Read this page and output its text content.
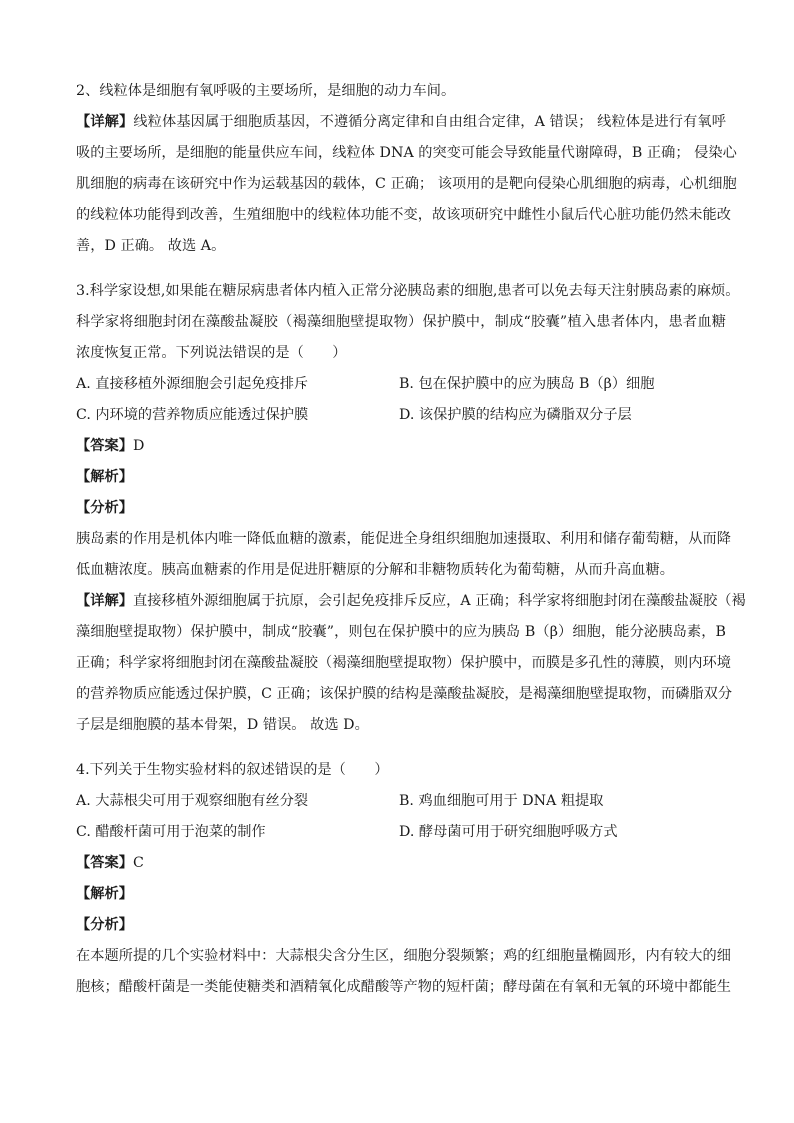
2、线粒体是细胞有氧呼吸的主要场所，是细胞的动力车间。
【详解】线粒体基因属于细胞质基因，不遵循分离定律和自由组合定律，A 错误； 线粒体是进行有氧呼
吸的主要场所，是细胞的能量供应车间，线粒体 DNA 的突变可能会导致能量代谢障碍，B 正确； 侵染心
肌细胞的病毒在该研究中作为运载基因的载体，C 正确； 该项用的是靶向侵染心肌细胞的病毒，心机细胞
的线粒体功能得到改善，生殖细胞中的线粒体功能不变，故该项研究中雌性小鼠后代心脏功能仍然未能改
善，D 正确。 故选 A。
3.科学家设想,如果能在糖尿病患者体内植入正常分泌胰岛素的细胞,患者可以免去每天注射胰岛素的麻烦。
科学家将细胞封闭在藻酸盐凝胶（褐藻细胞壁提取物）保护膜中，制成“胶囊”植入患者体内，患者血糖
浓度恢复正常。下列说法错误的是（　　）
A. 直接移植外源细胞会引起免疫排斥	B. 包在保护膜中的应为胰岛 B（β）细胞
C. 内环境的营养物质应能透过保护膜	D. 该保护膜的结构应为磷脂双分子层
【答案】D
【解析】
【分析】
胰岛素的作用是机体内唯一降低血糖的激素，能促进全身组织细胞加速摄取、利用和储存葡萄糖，从而降
低血糖浓度。胰高血糖素的作用是促进肝糖原的分解和非糖物质转化为葡萄糖，从而升高血糖。
【详解】直接移植外源细胞属于抗原，会引起免疫排斥反应，A 正确；科学家将细胞封闭在藻酸盐凝胶（褐
藻细胞壁提取物）保护膜中，制成“胶囊”，则包在保护膜中的应为胰岛 B（β）细胞，能分泌胰岛素，B
正确；科学家将细胞封闭在藻酸盐凝胶（褐藻细胞壁提取物）保护膜中，而膜是多孔性的薄膜，则内环境
的营养物质应能透过保护膜，C 正确；该保护膜的结构是藻酸盐凝胶，是褐藻细胞壁提取物，而磷脂双分
子层是细胞膜的基本骨架，D 错误。 故选 D。
4.下列关于生物实验材料的叙述错误的是（　　）
A. 大蒜根尖可用于观察细胞有丝分裂	B. 鸡血细胞可用于 DNA 粗提取
C. 醋酸杆菌可用于泡菜的制作	D. 酵母菌可用于研究细胞呼吸方式
【答案】C
【解析】
【分析】
在本题所提的几个实验材料中：大蒜根尖含分生区，细胞分裂频繁；鸡的红细胞量椭圆形，内有较大的细
胞核；醋酸杆菌是一类能使糖类和酒精氧化成醋酸等产物的短杆菌；酵母菌在有氧和无氧的环境中都能生
